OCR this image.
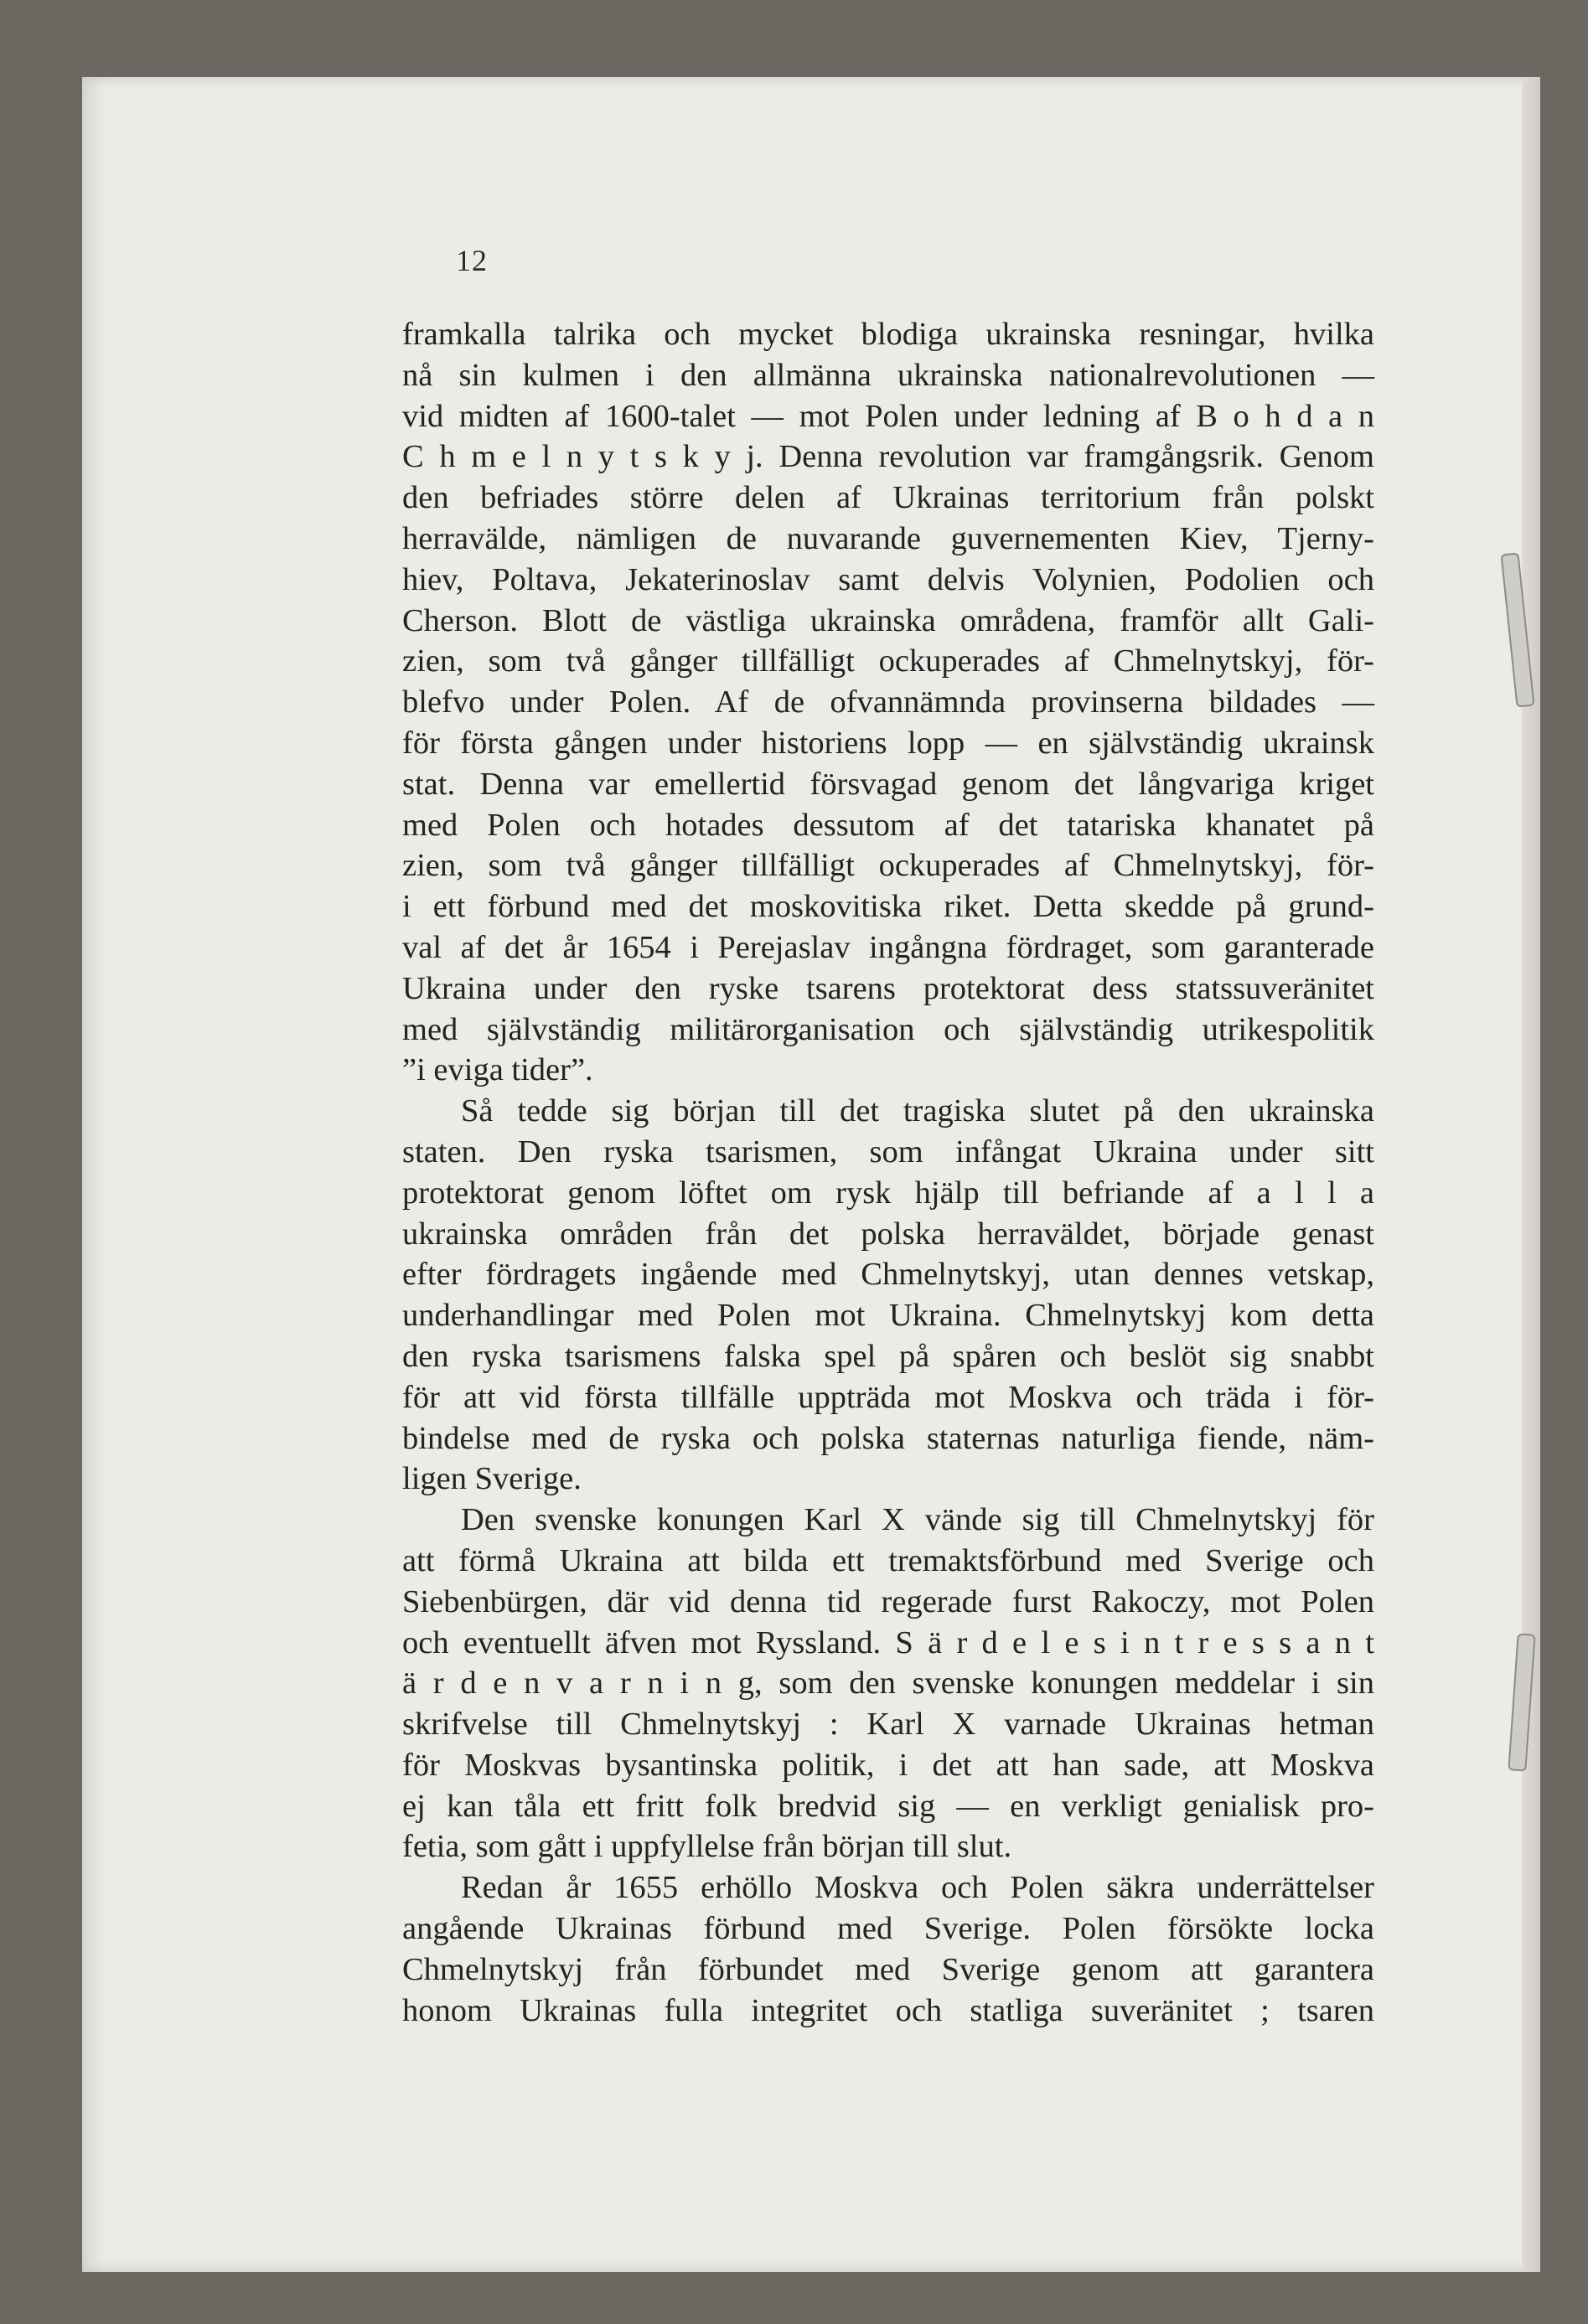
12
framkalla talrika och mycket blodiga ukrainska resningar, hvilka
nå sin kulmen i den allmänna ukrainska nationalrevolutionen —
vid midten af 1600-talet — mot Polen under ledning af B o h d a n
C h m e l n y t s k y j. Denna revolution var framgångsrik. Genom
den befriades större delen af Ukrainas territorium från polskt
herravälde, nämligen de nuvarande guvernementen Kiev, Tjerny-
hiev, Poltava, Jekaterinoslav samt delvis Volynien, Podolien och
Cherson. Blott de västliga ukrainska områdena, framför allt Gali-
zien, som två gånger tillfälligt ockuperades af Chmelnytskyj, för-
blefvo under Polen. Af de ofvannämnda provinserna bildades —
för första gången under historiens lopp — en självständig ukrainsk
stat. Denna var emellertid försvagad genom det långvariga kriget
med Polen och hotades dessutom af det tatariska khanatet på
zien, som två gånger tillfälligt ockuperades af Chmelnytskyj, för-
i ett förbund med det moskovitiska riket. Detta skedde på grund-
val af det år 1654 i Perejaslav ingångna fördraget, som garanterade
Ukraina under den ryske tsarens protektorat dess statssuveränitet
med självständig militärorganisation och självständig utrikespolitik
”i eviga tider”.
Så tedde sig början till det tragiska slutet på den ukrainska
staten. Den ryska tsarismen, som infångat Ukraina under sitt
protektorat genom löftet om rysk hjälp till befriande af a l l a
ukrainska områden från det polska herraväldet, började genast
efter fördragets ingående med Chmelnytskyj, utan dennes vetskap,
underhandlingar med Polen mot Ukraina. Chmelnytskyj kom detta
den ryska tsarismens falska spel på spåren och beslöt sig snabbt
för att vid första tillfälle uppträda mot Moskva och träda i för-
bindelse med de ryska och polska staternas naturliga fiende, näm-
ligen Sverige.
Den svenske konungen Karl X vände sig till Chmelnytskyj för
att förmå Ukraina att bilda ett tremaktsförbund med Sverige och
Siebenbürgen, där vid denna tid regerade furst Rakoczy, mot Polen
och eventuellt äfven mot Ryssland. S ä r d e l e s i n t r e s s a n t
ä r d e n v a r n i n g, som den svenske konungen meddelar i sin
skrifvelse till Chmelnytskyj : Karl X varnade Ukrainas hetman
för Moskvas bysantinska politik, i det att han sade, att Moskva
ej kan tåla ett fritt folk bredvid sig — en verkligt genialisk pro-
fetia, som gått i uppfyllelse från början till slut.
Redan år 1655 erhöllo Moskva och Polen säkra underrättelser
angående Ukrainas förbund med Sverige. Polen försökte locka
Chmelnytskyj från förbundet med Sverige genom att garantera
honom Ukrainas fulla integritet och statliga suveränitet ; tsaren
